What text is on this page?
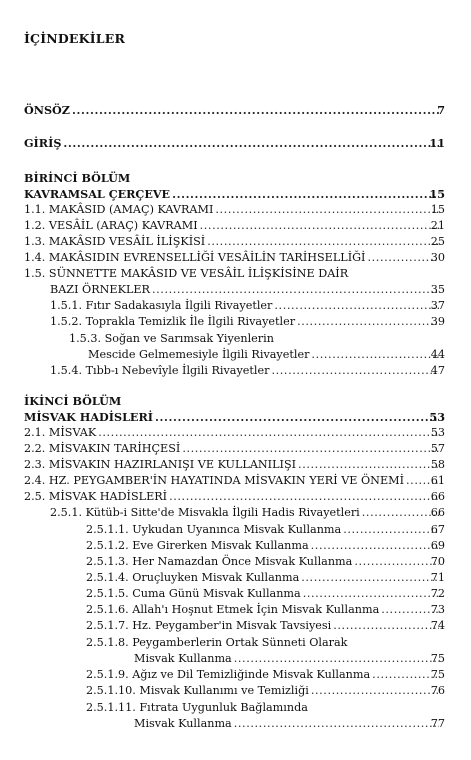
İÇİNDEKİLER
ÖNSÖZ .....	7
GİRİŞ .....	11
BİRİNCİ BÖLÜM
KAVRAMSAL ÇERÇEVE .....	15
1.1. MAKÂSID (AMAÇ) KAVRAMI .....	15
1.2. VESÂİL (ARAÇ) KAVRAMI .....	21
1.3. MAKÂSID VESÂİL İLİŞKİSİ .....	25
1.4. MAKÂSIDIN EVRENSELLİĞİ VESÂİLİN TARİHSELLİĞİ .....	30
1.5. SÜNNETTE MAKÂSID VE VESÂİL İLİŞKİSİNE DAİR
BAZI ÖRNEKLER .....	35
1.5.1. Fıtır Sadakasıyla İlgili Rivayetler .....	37
1.5.2. Toprakla Temizlik İle İlgili Rivayetler .....	39
1.5.3. Soğan ve Sarımsak Yiyenlerin
Mescide Gelmemesiyle İlgili Rivayetler .....	44
1.5.4. Tıbb-ı Nebevîyle İlgili Rivayetler .....	47
İKİNCİ BÖLÜM
MİSVAK HADİSLERİ .....	53
2.1. MİSVAK .....	53
2.2. MİSVAKIN TARİHÇESİ .....	57
2.3. MİSVAKIN HAZIRLANIŞI VE KULLANILIŞI .....	58
2.4. HZ. PEYGAMBER'İN HAYATINDA MİSVAKIN YERİ VE ÖNEMİ ..... 61
2.5. MİSVAK HADİSLERİ .....	66
2.5.1. Kütüb-i Sitte'de Misvakla İlgili Hadis Rivayetleri .....	66
2.5.1.1. Uykudan Uyanınca Misvak Kullanma .....	67
2.5.1.2. Eve Girerken Misvak Kullanma .....	69
2.5.1.3. Her Namazdan Önce Misvak Kullanma .....	70
2.5.1.4. Oruçluyken Misvak Kullanma .....	71
2.5.1.5. Cuma Günü Misvak Kullanma .....	72
2.5.1.6. Allah'ı Hoşnut Etmek İçin Misvak Kullanma .....	73
2.5.1.7. Hz. Peygamber'in Misvak Tavsiyesi .....	74
2.5.1.8. Peygamberlerin Ortak Sünneti Olarak
Misvak Kullanma .....	75
2.5.1.9. Ağız ve Dil Temizliğinde Misvak Kullanma .....	75
2.5.1.10. Misvak Kullanımı ve Temizliği .....	76
2.5.1.11. Fıtrata Uygunluk Bağlamında
Misvak Kullanma .....	77
